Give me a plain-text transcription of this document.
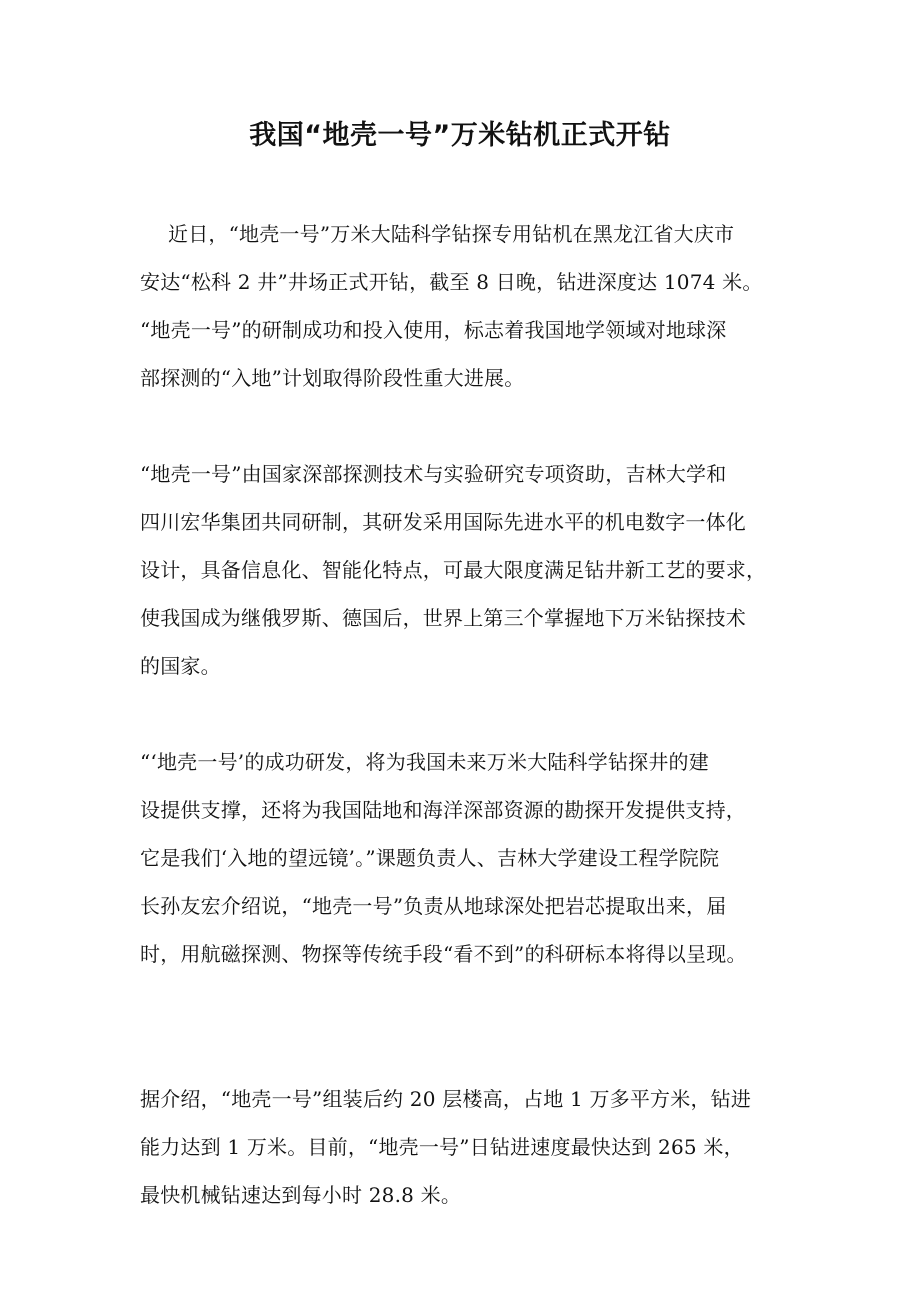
我国“地壳一号”万米钻机正式开钻
近日，“地壳一号”万米大陆科学钻探专用钻机在黑龙江省大庆市
安达“松科 2 井”井场正式开钻，截至 8 日晚，钻进深度达 1074 米。
“地壳一号”的研制成功和投入使用，标志着我国地学领域对地球深
部探测的“入地”计划取得阶段性重大进展。
“地壳一号”由国家深部探测技术与实验研究专项资助，吉林大学和
四川宏华集团共同研制，其研发采用国际先进水平的机电数字一体化
设计，具备信息化、智能化特点，可最大限度满足钻井新工艺的要求，
使我国成为继俄罗斯、德国后，世界上第三个掌握地下万米钻探技术
的国家。
“‘地壳一号’的成功研发，将为我国未来万米大陆科学钻探井的建
设提供支撑，还将为我国陆地和海洋深部资源的勘探开发提供支持，
它是我们‘入地的望远镜’。”课题负责人、吉林大学建设工程学院院
长孙友宏介绍说，“地壳一号”负责从地球深处把岩芯提取出来，届
时，用航磁探测、物探等传统手段“看不到”的科研标本将得以呈现。
据介绍，“地壳一号”组装后约 20 层楼高，占地 1 万多平方米，钻进
能力达到 1 万米。目前，“地壳一号”日钻进速度最快达到 265 米，
最快机械钻速达到每小时 28.8 米。
